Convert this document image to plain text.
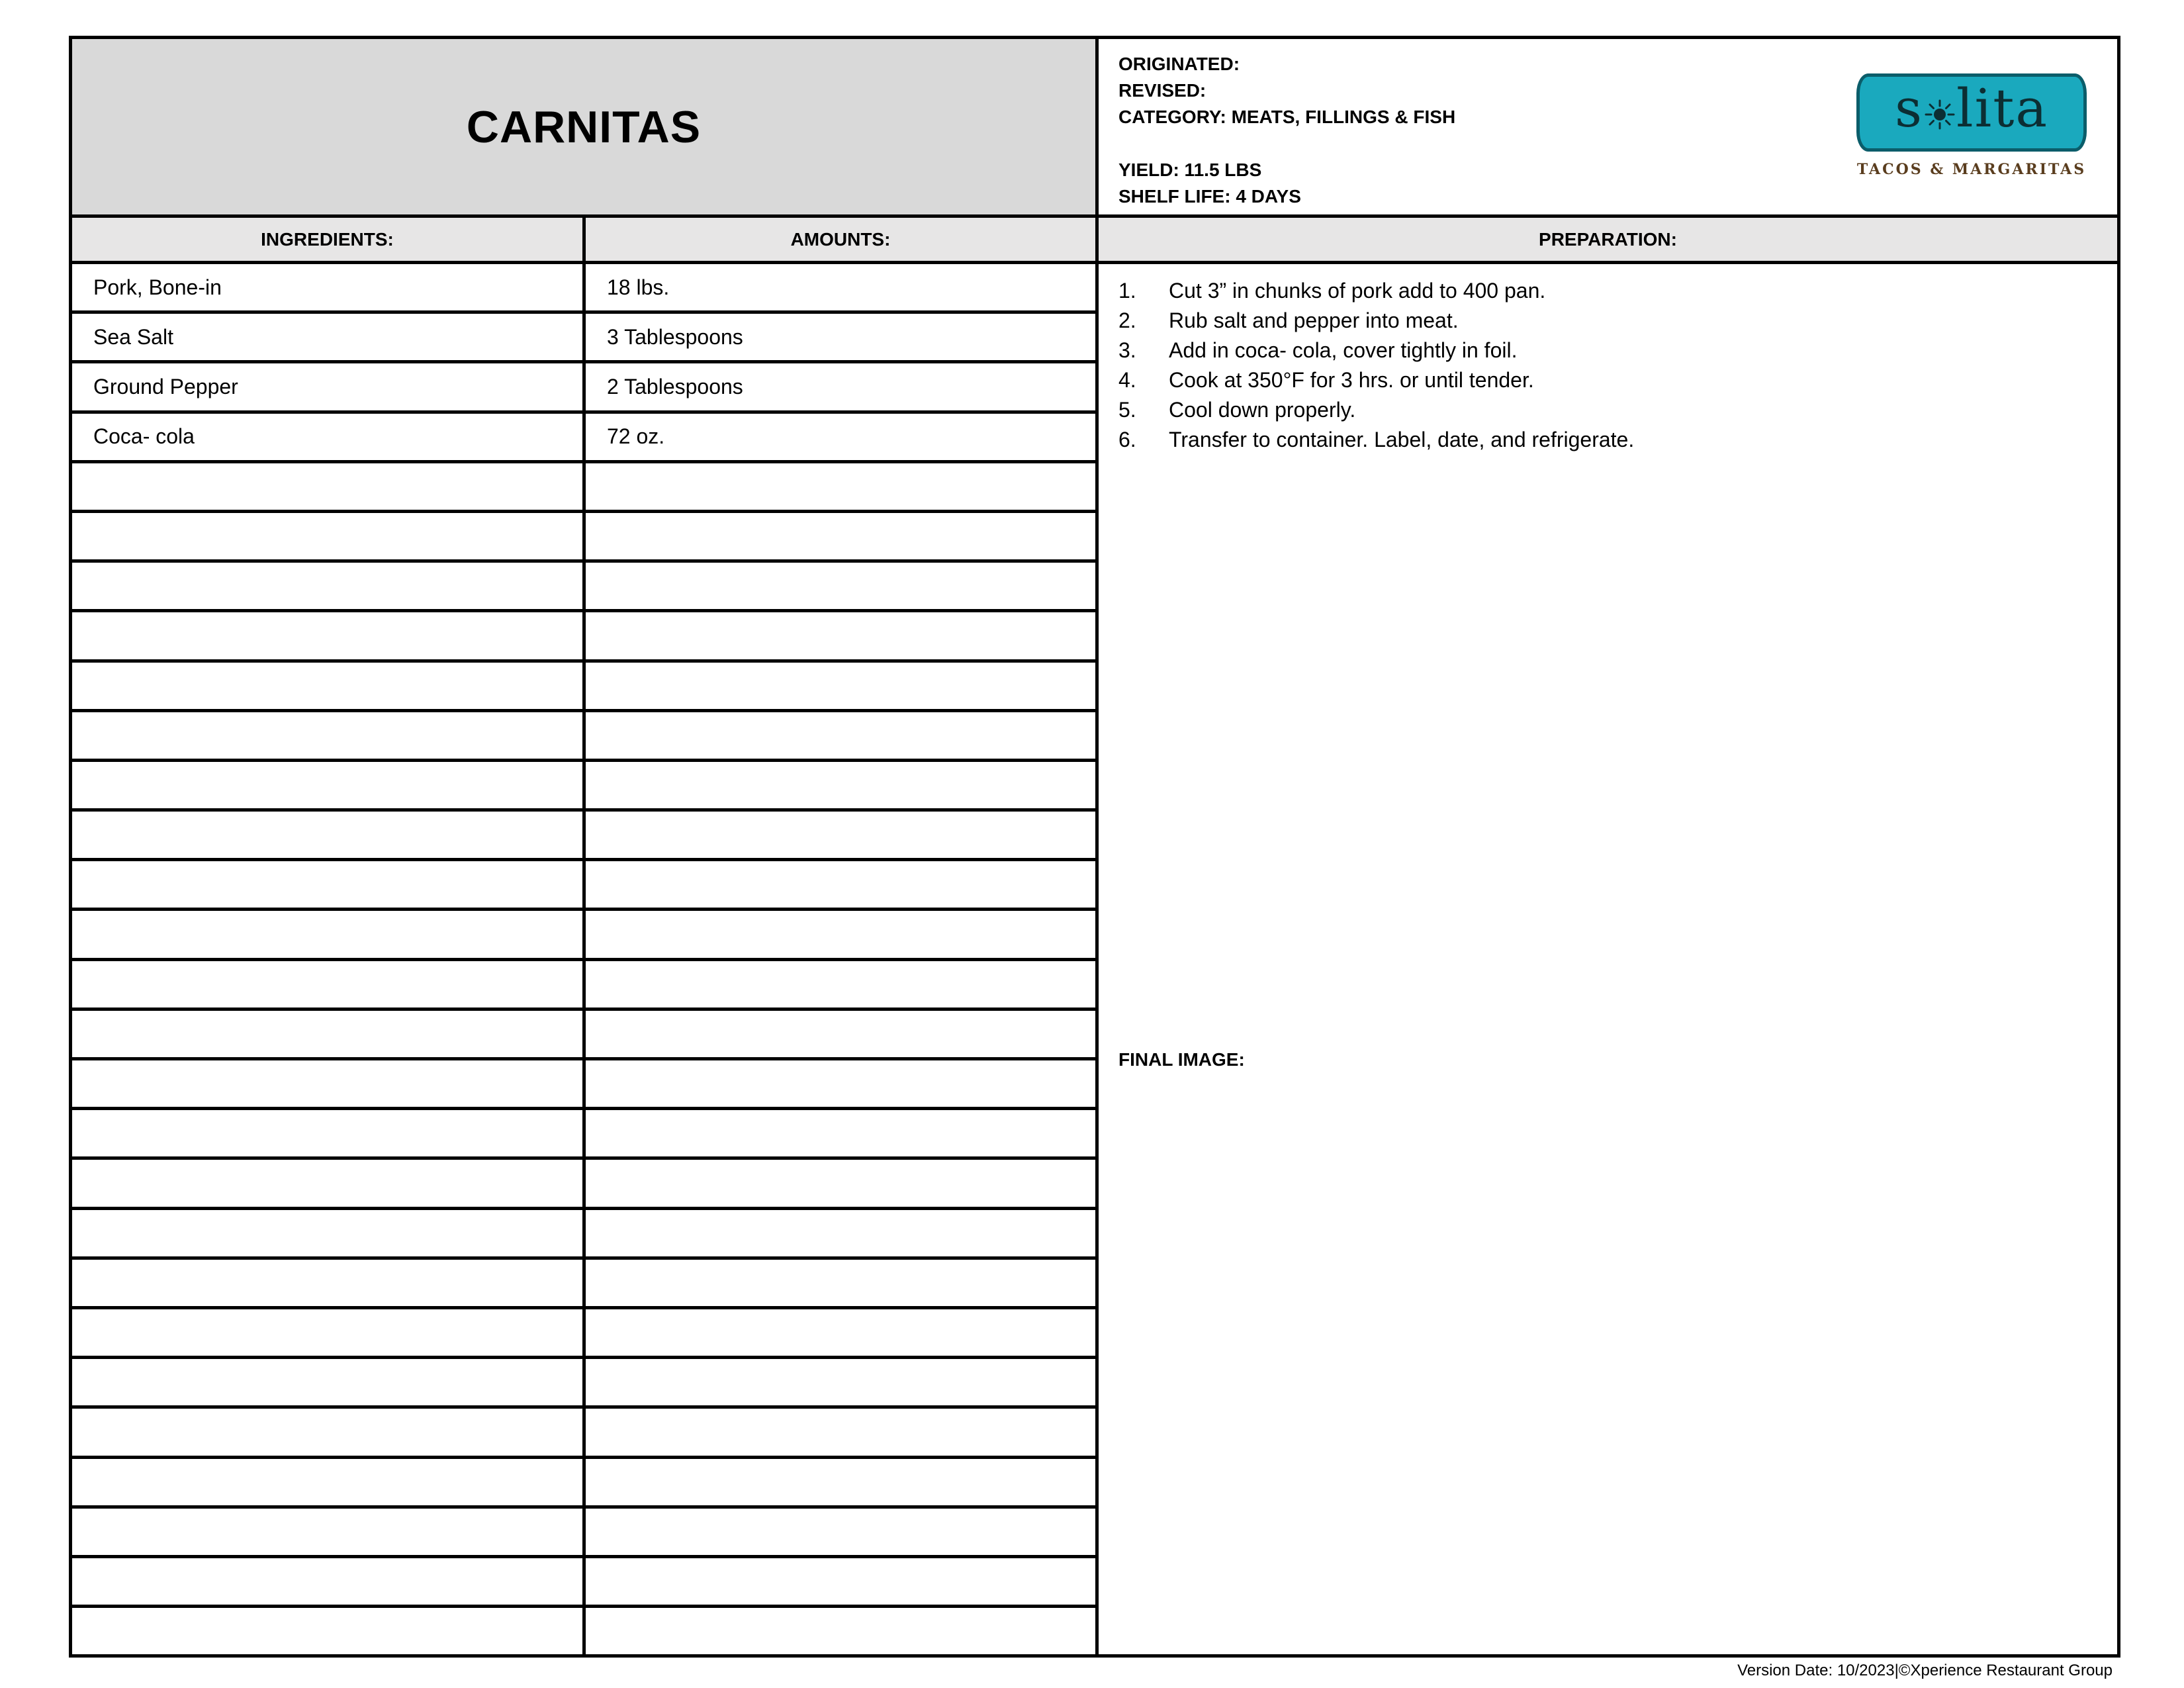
CARNITAS
ORIGINATED:
REVISED:
CATEGORY: MEATS, FILLINGS & FISH
YIELD: 11.5 LBS
SHELF LIFE: 4 DAYS
s lita
TACOS & MARGARITAS
INGREDIENTS:	AMOUNTS:	PREPARATION:
Pork, Bone-in	18 lbs.
Sea Salt	3 Tablespoons
Ground Pepper	2 Tablespoons
Coca- cola	72 oz.
1.	Cut 3” in chunks of pork add to 400 pan.
2.	Rub salt and pepper into meat.
3.	Add in coca- cola, cover tightly in foil.
4.	Cook at 350°F for 3 hrs. or until tender.
5.	Cool down properly.
6.	Transfer to container. Label, date, and refrigerate.
FINAL IMAGE:
Version Date: 10/2023|©Xperience Restaurant Group
